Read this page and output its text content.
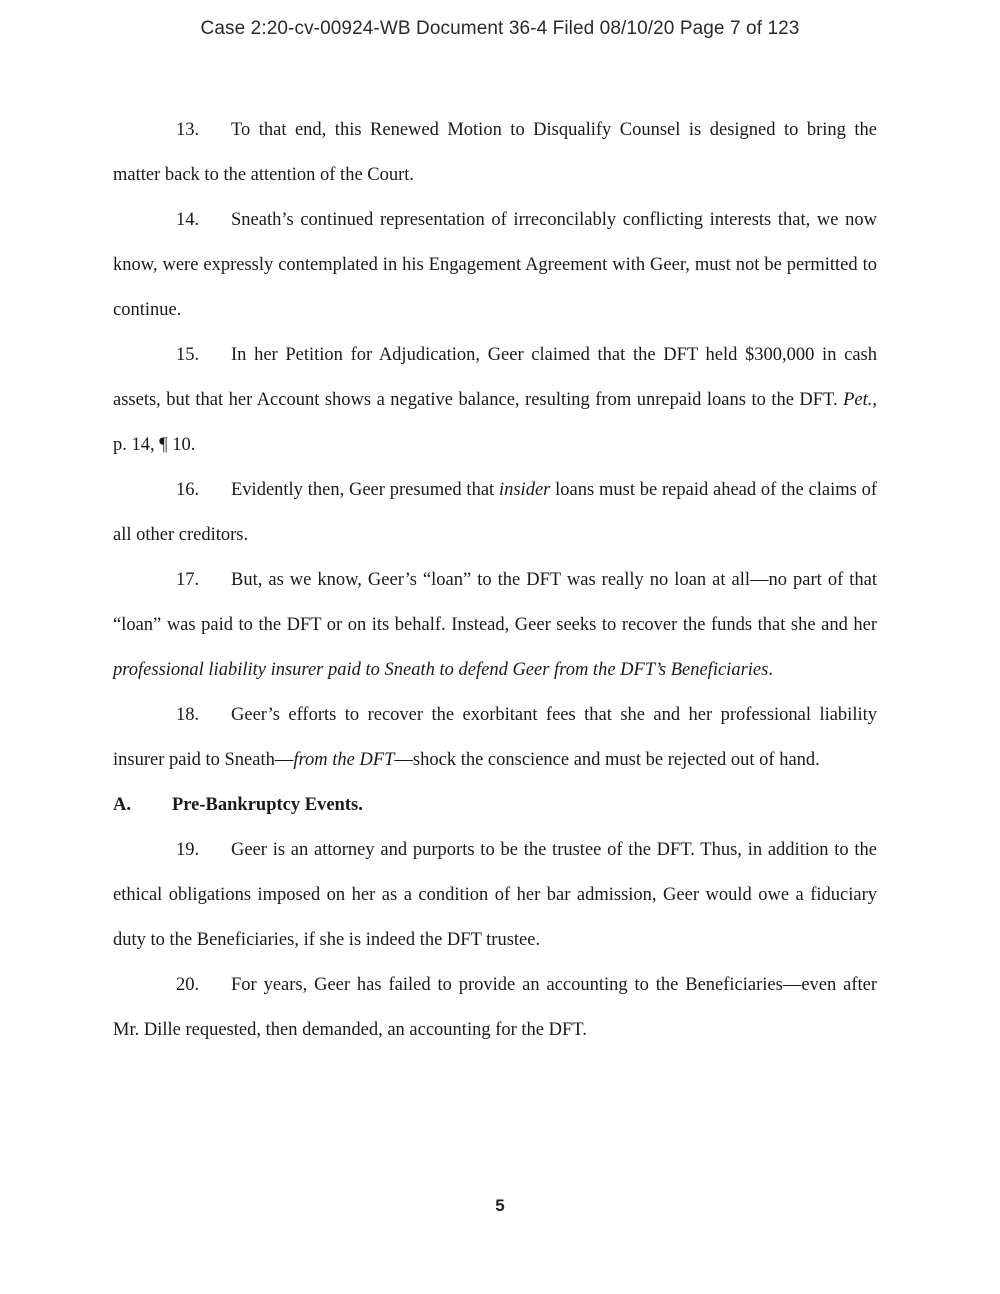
Case 2:20-cv-00924-WB Document 36-4 Filed 08/10/20 Page 7 of 123

13. To that end, this Renewed Motion to Disqualify Counsel is designed to bring the matter back to the attention of the Court.

14. Sneath’s continued representation of irreconcilably conflicting interests that, we now know, were expressly contemplated in his Engagement Agreement with Geer, must not be permitted to continue.

15. In her Petition for Adjudication, Geer claimed that the DFT held $300,000 in cash assets, but that her Account shows a negative balance, resulting from unrepaid loans to the DFT. Pet., p. 14, ¶ 10.

16. Evidently then, Geer presumed that insider loans must be repaid ahead of the claims of all other creditors.

17. But, as we know, Geer’s “loan” to the DFT was really no loan at all—no part of that “loan” was paid to the DFT or on its behalf. Instead, Geer seeks to recover the funds that she and her professional liability insurer paid to Sneath to defend Geer from the DFT’s Beneficiaries.

18. Geer’s efforts to recover the exorbitant fees that she and her professional liability insurer paid to Sneath—from the DFT—shock the conscience and must be rejected out of hand.

A. Pre-Bankruptcy Events.

19. Geer is an attorney and purports to be the trustee of the DFT. Thus, in addition to the ethical obligations imposed on her as a condition of her bar admission, Geer would owe a fiduciary duty to the Beneficiaries, if she is indeed the DFT trustee.

20. For years, Geer has failed to provide an accounting to the Beneficiaries—even after Mr. Dille requested, then demanded, an accounting for the DFT.

5
